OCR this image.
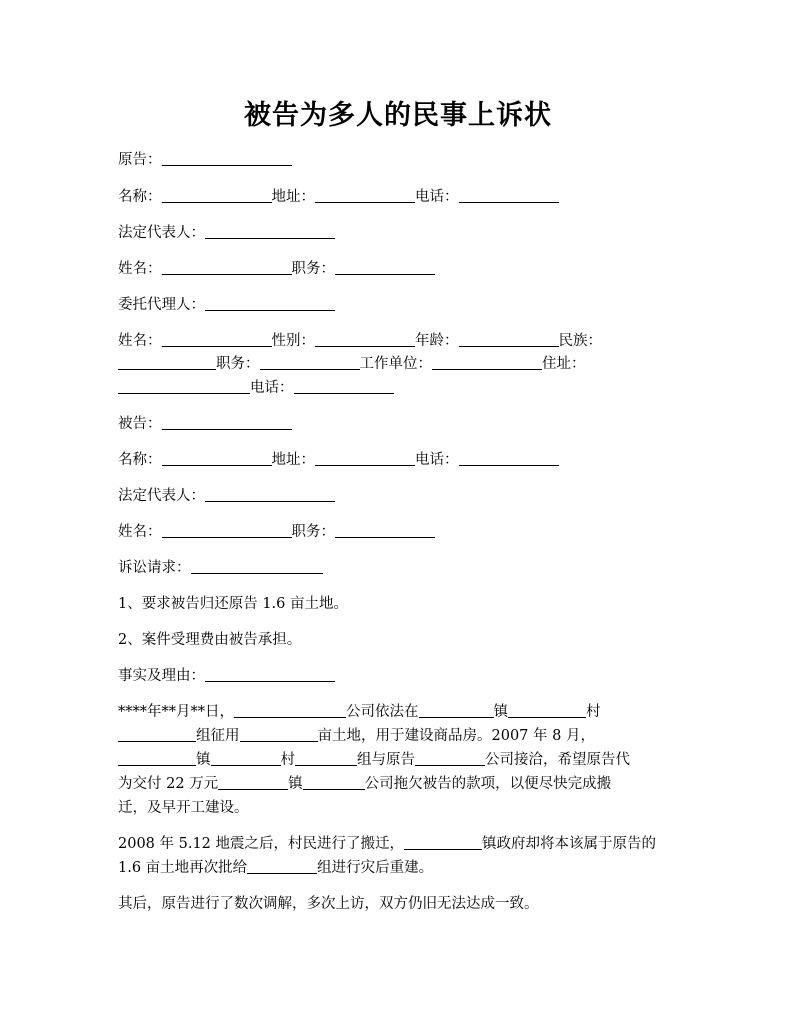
被告为多人的民事上诉状
原告：
名称：	地址：	电话：
法定代表人：
姓名：	职务：
委托代理人：
姓名：	性别：	年龄：	民族：
职务：	工作单位：	住址：
电话：
被告：
名称：	地址：	电话：
法定代表人：
姓名：	职务：
诉讼请求：
1、要求被告归还原告 1.6 亩土地。
2、案件受理费由被告承担。
事实及理由：
****年**月**日，	公司依法在	镇	村
组征用	亩土地，用于建设商品房。2007 年 8 月，
镇	村	组与原告	公司接洽，希望原告代
为交付 22 万元	镇	公司拖欠被告的款项，以便尽快完成搬
迁，及早开工建设。
2008 年 5.12 地震之后，村民进行了搬迁，	镇政府却将本该属于原告的
1.6 亩土地再次批给	组进行灾后重建。
其后，原告进行了数次调解，多次上访，双方仍旧无法达成一致。
